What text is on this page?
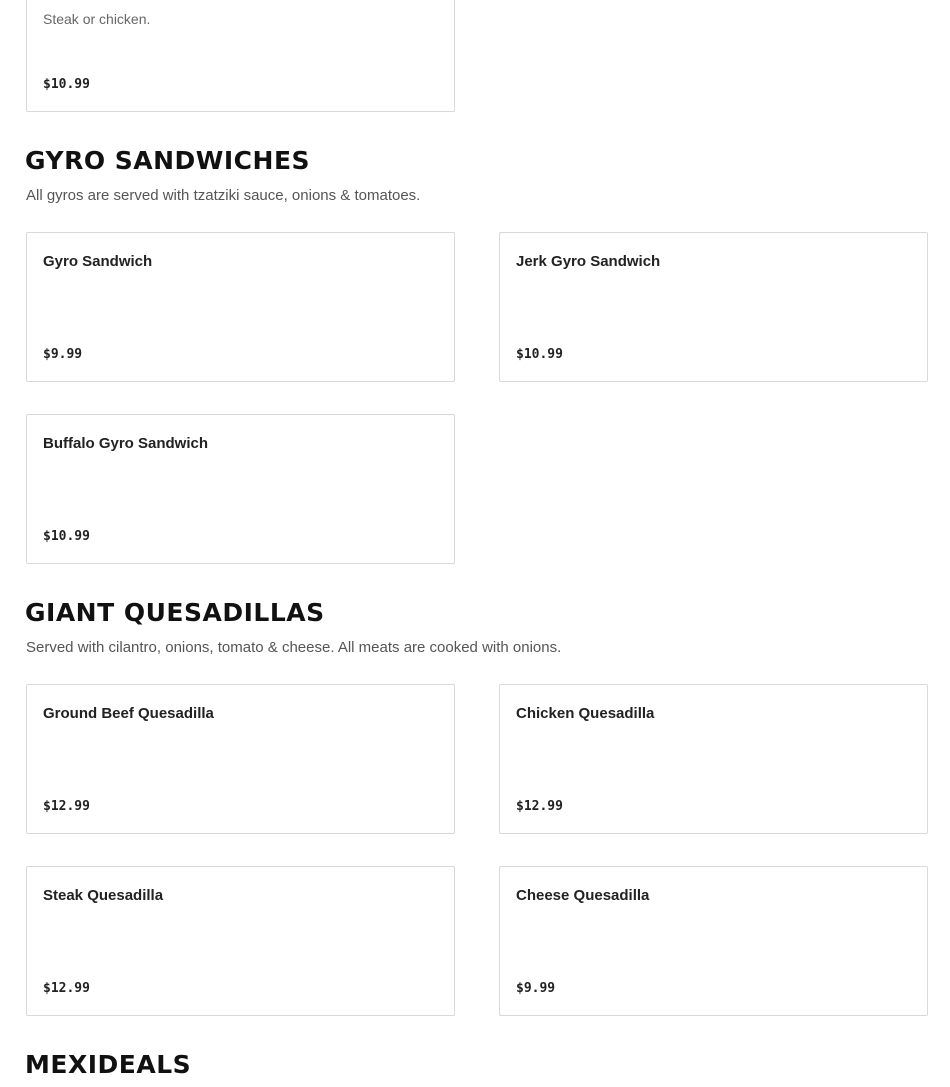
Steak or chicken.
$10.99
GYRO SANDWICHES

All gyros are served with tzatziki sauce, onions & tomatoes.

Gyro Sandwich
$9.99
Jerk Gyro Sandwich
$10.99
Buffalo Gyro Sandwich
$10.99
GIANT QUESADILLAS

Served with cilantro, onions, tomato & cheese. All meats are cooked with onions.

Ground Beef Quesadilla
$12.99
Chicken Quesadilla
$12.99
Steak Quesadilla
$12.99
Cheese Quesadilla
$9.99
MEXIDEALS
